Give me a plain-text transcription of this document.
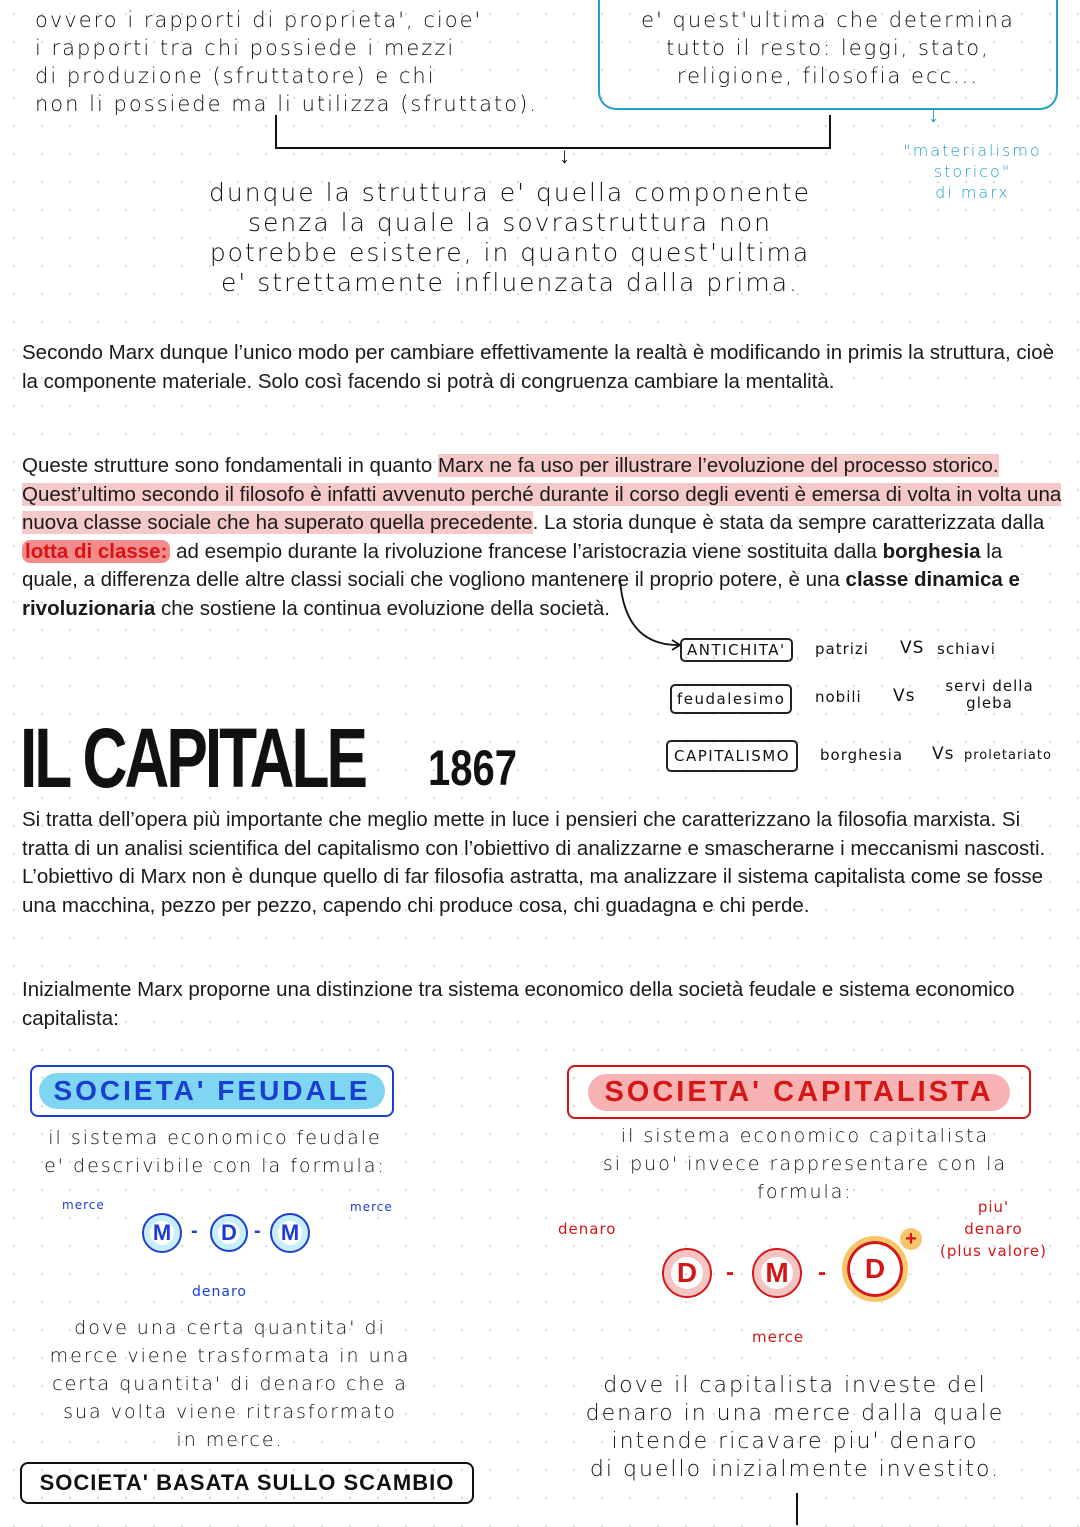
ovvero i rapporti di proprieta', cioe'
i rapporti tra chi possiede i mezzi
di produzione (sfruttatore) e chi
non li possiede ma li utilizza (sfruttato).
e' quest'ultima che determina
tutto il resto: leggi, stato,
religione, filosofia ecc...
↓
"materialismo
storico"
di marx
↓
dunque la struttura e' quella componente
senza la quale la sovrastruttura non
potrebbe esistere, in quanto quest'ultima
e' strettamente influenzata dalla prima.
Secondo Marx dunque l’unico modo per cambiare effettivamente la realtà è modificando in primis la struttura, cioè la componente materiale. Solo così facendo si potrà di congruenza cambiare la mentalità.
Queste strutture sono fondamentali in quanto Marx ne fa uso per illustrare l’evoluzione del processo storico. Quest’ultimo secondo il filosofo è infatti avvenuto perché durante il corso degli eventi è emersa di volta in volta una nuova classe sociale che ha superato quella precedente. La storia dunque è stata da sempre caratterizzata dalla lotta di classe: ad esempio durante la rivoluzione francese l’aristocrazia viene sostituita dalla borghesia la quale, a differenza delle altre classi sociali che vogliono mantenere il proprio potere, è una classe dinamica e rivoluzionaria che sostiene la continua evoluzione della società.
ANTICHITA'	patrizi VS schiavi
feudalesimo	nobili Vs	servi della gleba
CAPITALISMO	borghesia Vs proletariato
IL CAPITALE 1867
Si tratta dell’opera più importante che meglio mette in luce i pensieri che caratterizzano la filosofia marxista. Si tratta di un analisi scientifica del capitalismo con l’obiettivo di analizzarne e smascherarne i meccanismi nascosti. L’obiettivo di Marx non è dunque quello di far filosofia astratta, ma analizzare il sistema capitalista come se fosse una macchina, pezzo per pezzo, capendo chi produce cosa, chi guadagna e chi perde.
Inizialmente Marx proporne una distinzione tra sistema economico della società feudale e sistema economico capitalista:
SOCIETA' FEUDALE
il sistema economico feudale
e' descrivibile con la formula:
merce	merce
M D M
-	-
denaro
dove una certa quantita' di
merce viene trasformata in una
certa quantita' di denaro che a
sua volta viene ritrasformato
in merce.
SOCIETA' BASATA SULLO SCAMBIO
SOCIETA' CAPITALISTA
il sistema economico capitalista
si puo' invece rappresentare con la
formula:
denaro
piu'
denaro
(plus valore)
D M	D
+
-	-
merce
dove il capitalista investe del
denaro in una merce dalla quale
intende ricavare piu' denaro
di quello inizialmente investito.
